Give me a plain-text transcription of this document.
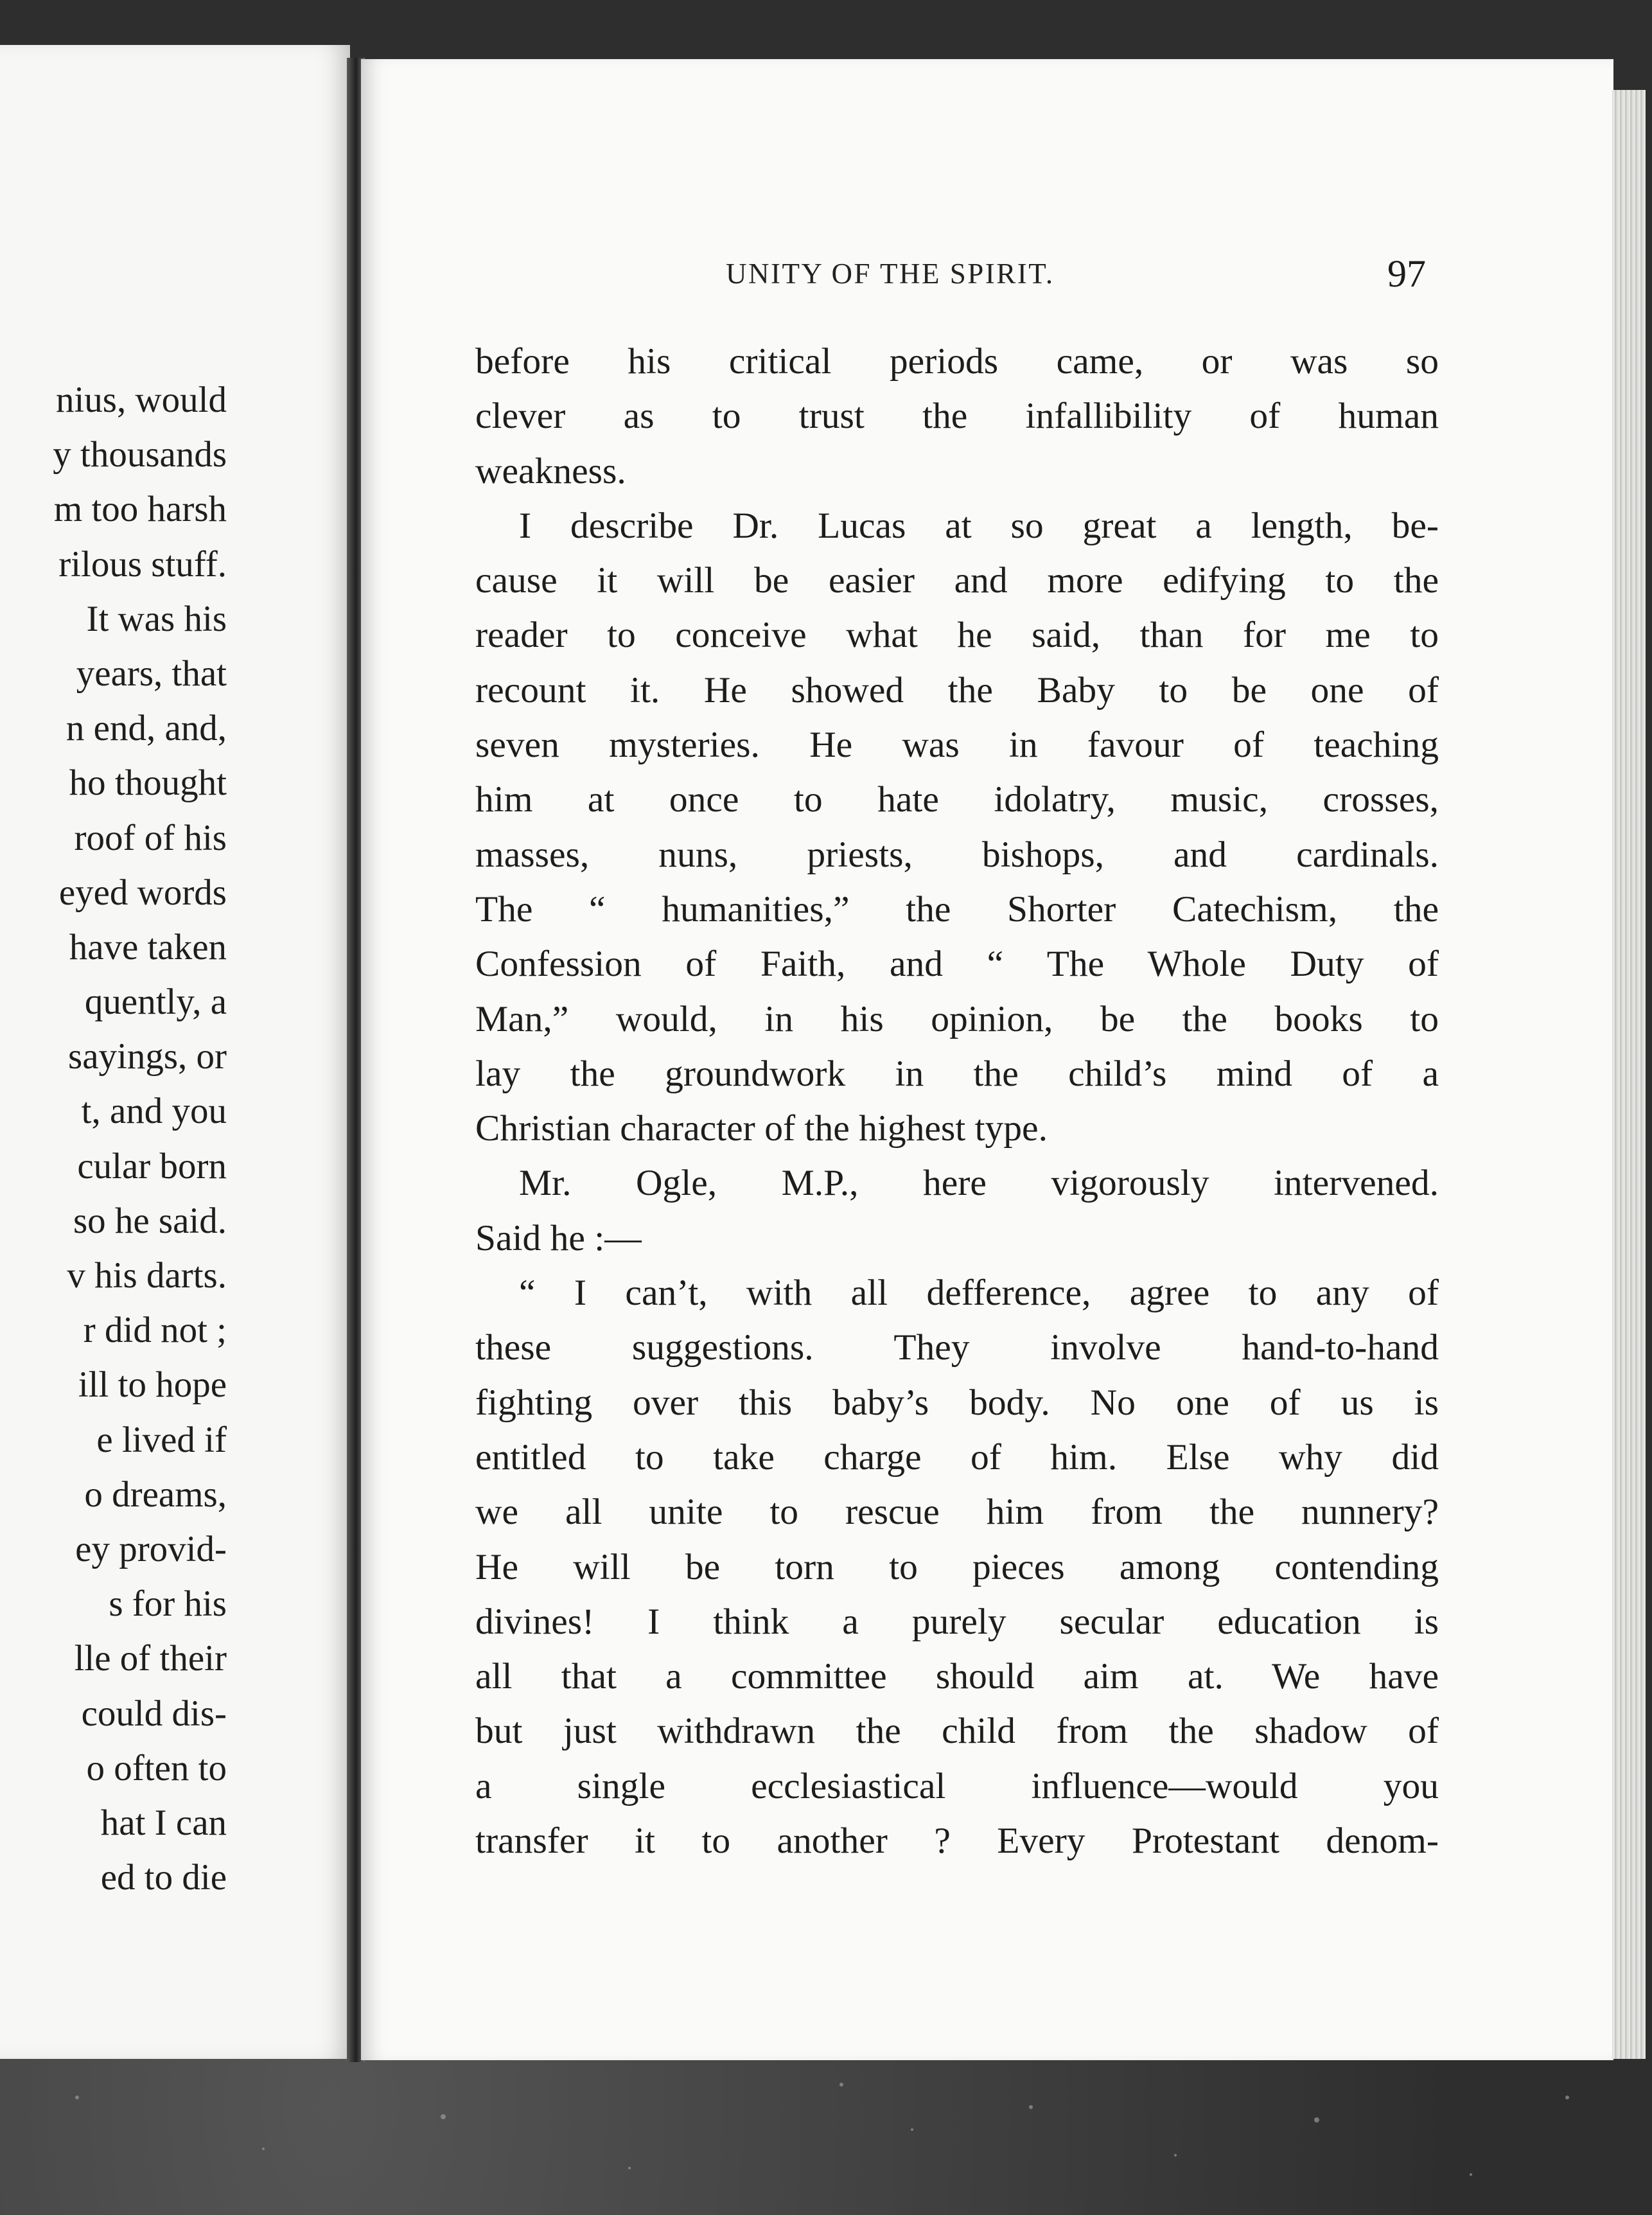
nius, would
y thousands
m too harsh
rilous stuff.
It was his
years, that
n end, and,
ho thought
roof of his
eyed words
have taken
quently, a
sayings, or
t, and you
cular born
so he said.
v his darts.
r did not ;
ill to hope
e lived if
o dreams,
ey provid-
s for his
lle of their
could dis-
o often to
hat I can
ed to die
UNITY OF THE SPIRIT.	97
before his critical periods came, or was so
clever as to trust the infallibility of human
weakness.
I describe Dr. Lucas at so great a length, be-
cause it will be easier and more edifying to the
reader to conceive what he said, than for me to
recount it. He showed the Baby to be one of
seven mysteries. He was in favour of teaching
him at once to hate idolatry, music, crosses,
masses, nuns, priests, bishops, and cardinals.
The “ humanities,” the Shorter Catechism, the
Confession of Faith, and “ The Whole Duty of
Man,” would, in his opinion, be the books to
lay the groundwork in the child’s mind of a
Christian character of the highest type.
Mr. Ogle, M.P., here vigorously intervened.
Said he :—
“ I can’t, with all defference, agree to any of
these suggestions. They involve hand-to-hand
fighting over this baby’s body. No one of us is
entitled to take charge of him. Else why did
we all unite to rescue him from the nunnery?
He will be torn to pieces among contending
divines! I think a purely secular education is
all that a committee should aim at. We have
but just withdrawn the child from the shadow of
a single ecclesiastical influence—would you
transfer it to another ? Every Protestant denom-
